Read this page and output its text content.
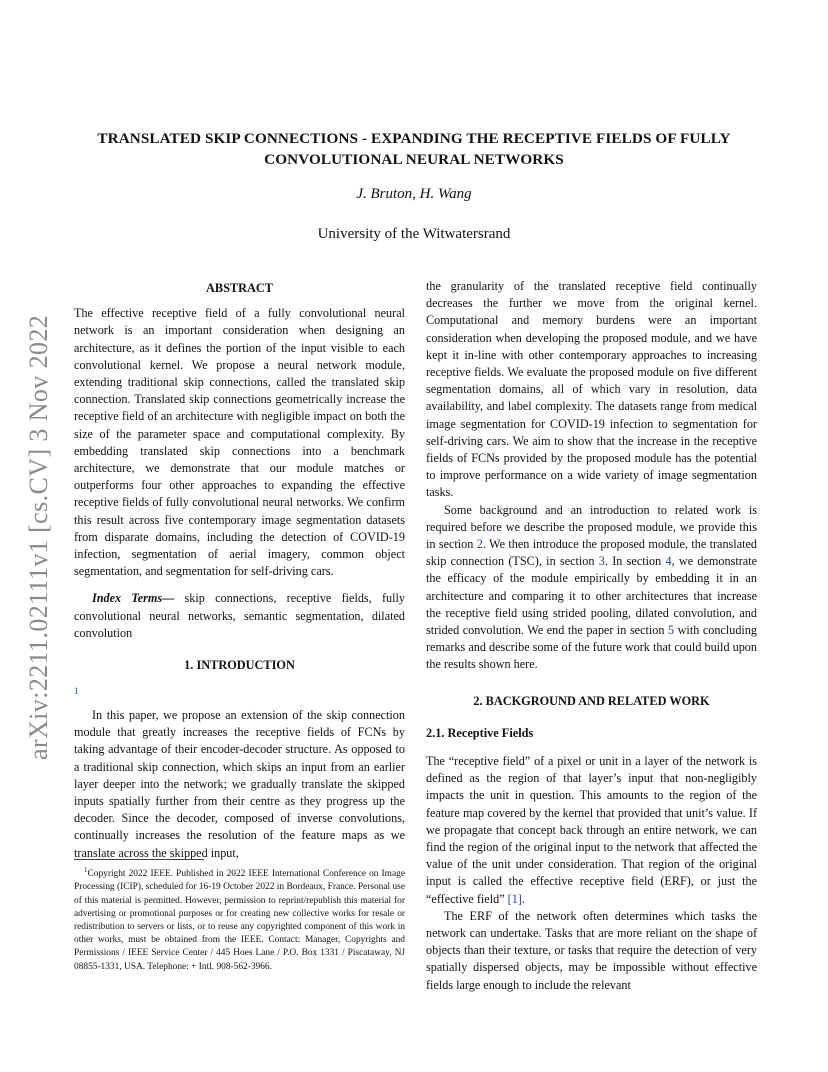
TRANSLATED SKIP CONNECTIONS - EXPANDING THE RECEPTIVE FIELDS OF FULLY CONVOLUTIONAL NEURAL NETWORKS
J. Bruton, H. Wang
University of the Witwatersrand
arXiv:2211.02111v1 [cs.CV] 3 Nov 2022

ABSTRACT

The effective receptive field of a fully convolutional neural network is an important consideration when designing an architecture, as it defines the portion of the input visible to each convolutional kernel. We propose a neural network module, extending traditional skip connections, called the translated skip connection. Translated skip connections geometrically increase the receptive field of an architecture with negligible impact on both the size of the parameter space and computational complexity. By embedding translated skip connections into a benchmark architecture, we demonstrate that our module matches or outperforms four other approaches to expanding the effective receptive fields of fully convolutional neural networks. We confirm this result across five contemporary image segmentation datasets from disparate domains, including the detection of COVID-19 infection, segmentation of aerial imagery, common object segmentation, and segmentation for self-driving cars.

Index Terms— skip connections, receptive fields, fully convolutional neural networks, semantic segmentation, dilated convolution

1. INTRODUCTION
1

In this paper, we propose an extension of the skip connection module that greatly increases the receptive fields of FCNs by taking advantage of their encoder-decoder structure. As opposed to a traditional skip connection, which skips an input from an earlier layer deeper into the network; we gradually translate the skipped inputs spatially further from their centre as they progress up the decoder. Since the decoder, composed of inverse convolutions, continually increases the resolution of the feature maps as we translate across the skipped input,

$^1$Copyright 2022 IEEE. Published in 2022 IEEE International Conference on Image Processing (ICIP), scheduled for 16-19 October 2022 in Bordeaux, France. Personal use of this material is permitted. However, permission to reprint/republish this material for advertising or promotional purposes or for creating new collective works for resale or redistribution to servers or lists, or to reuse any copyrighted component of this work in other works, must be obtained from the IEEE. Contact: Manager, Copyrights and Permissions / IEEE Service Center / 445 Hoes Lane / P.O. Box 1331 / Piscataway, NJ 08855-1331, USA. Telephone: + Intl. 908-562-3966.

the granularity of the translated receptive field continually decreases the further we move from the original kernel. Computational and memory burdens were an important consideration when developing the proposed module, and we have kept it in-line with other contemporary approaches to increasing receptive fields. We evaluate the proposed module on five different segmentation domains, all of which vary in resolution, data availability, and label complexity. The datasets range from medical image segmentation for COVID-19 infection to segmentation for self-driving cars. We aim to show that the increase in the receptive fields of FCNs provided by the proposed module has the potential to improve performance on a wide variety of image segmentation tasks.

Some background and an introduction to related work is required before we describe the proposed module, we provide this in section 2. We then introduce the proposed module, the translated skip connection (TSC), in section 3. In section 4, we demonstrate the efficacy of the module empirically by embedding it in an architecture and comparing it to other architectures that increase the receptive field using strided pooling, dilated convolution, and strided convolution. We end the paper in section 5 with concluding remarks and describe some of the future work that could build upon the results shown here.

2. BACKGROUND AND RELATED WORK
2.1. Receptive Fields

The “receptive field” of a pixel or unit in a layer of the network is defined as the region of that layer’s input that non-negligibly impacts the unit in question. This amounts to the region of the feature map covered by the kernel that provided that unit’s value. If we propagate that concept back through an entire network, we can find the region of the original input to the network that affected the value of the unit under consideration. That region of the original input is called the effective receptive field (ERF), or just the “effective field” [1].

The ERF of the network often determines which tasks the network can undertake. Tasks that are more reliant on the shape of objects than their texture, or tasks that require the detection of very spatially dispersed objects, may be impossible without effective fields large enough to include the relevant
